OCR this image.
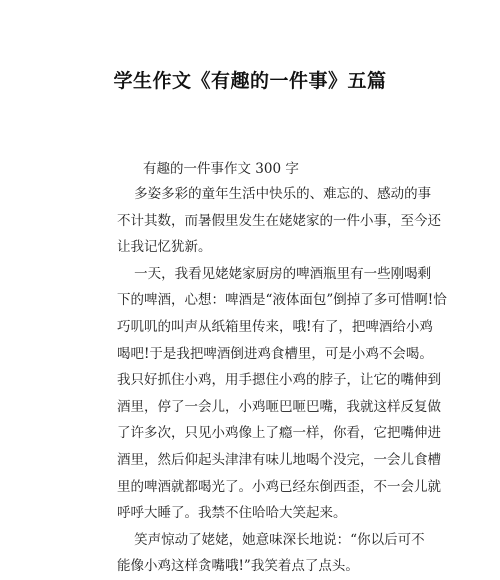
学生作文《有趣的一件事》五篇
有趣的一件事作文 300 字
多姿多彩的童年生活中快乐的、难忘的、感动的事
不计其数，而暑假里发生在姥姥家的一件小事，至今还
让我记忆犹新。
一天，我看见姥姥家厨房的啤酒瓶里有一些刚喝剩
下的啤酒，心想：啤酒是“液体面包”倒掉了多可惜啊!恰
巧叽叽的叫声从纸箱里传来，哦!有了，把啤酒给小鸡
喝吧!于是我把啤酒倒进鸡食槽里，可是小鸡不会喝。
我只好抓住小鸡，用手摁住小鸡的脖子，让它的嘴伸到
酒里，停了一会儿，小鸡咂巴咂巴嘴，我就这样反复做
了许多次，只见小鸡像上了瘾一样，你看，它把嘴伸进
酒里，然后仰起头津津有味儿地喝个没完，一会儿食槽
里的啤酒就都喝光了。小鸡已经东倒西歪，不一会儿就
呼呼大睡了。我禁不住哈哈大笑起来。
笑声惊动了姥姥，她意味深长地说：“你以后可不
能像小鸡这样贪嘴哦!”我笑着点了点头。
